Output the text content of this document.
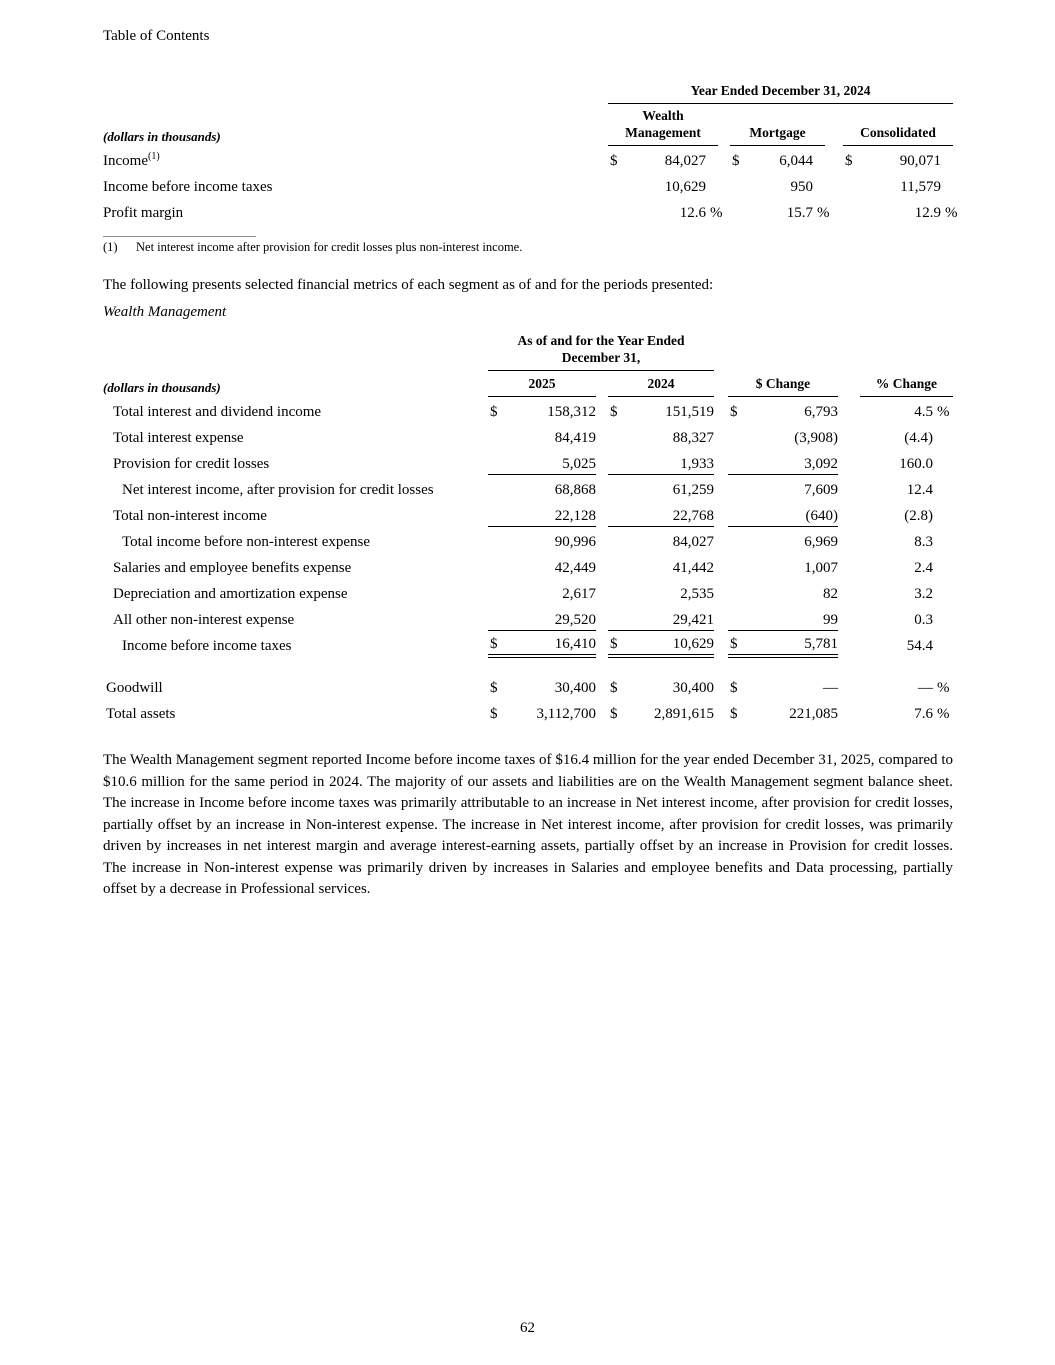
Table of Contents
	Year Ended December 31, 2024										
(dollars in thousands)	Wealth Management				Mortgage				Consolidated		
Income$^{(1)}$	$	84,027			$	6,044			$	90,071	
Income before income taxes		10,629				950				11,579	
Profit margin		12.6	%			15.7	%			12.9	%
(1)	Net interest income after provision for credit losses plus non-interest income.

The following presents selected financial metrics of each segment as of and for the periods presented:

Wealth Management
	As of and for the Year Ended
December 31,										
(dollars in thousands)	2025			2024			$ Change			% Change	
Total interest and dividend income	$	158,312		$	151,519		$	6,793		4.5	%
Total interest expense		84,419			88,327			(3,908)		(4.4)	
Provision for credit losses		5,025			1,933			3,092		160.0	
Net interest income, after provision for credit losses		68,868			61,259			7,609		12.4	
Total non-interest income		22,128			22,768			(640)		(2.8)	
Total income before non-interest expense		90,996			84,027			6,969		8.3	
Salaries and employee benefits expense		42,449			41,442			1,007		2.4	
Depreciation and amortization expense		2,617			2,535			82		3.2	
All other non-interest expense		29,520			29,421			99		0.3	
Income before income taxes	$	16,410		$	10,629		$	5,781		54.4	

Goodwill	$	30,400		$	30,400		$	—		—	%
Total assets	$	3,112,700		$	2,891,615		$	221,085		7.6	%

The Wealth Management segment reported Income before income taxes of $16.4 million for the year ended December 31, 2025, compared to $10.6 million for the same period in 2024. The majority of our assets and liabilities are on the Wealth Management segment balance sheet. The increase in Income before income taxes was primarily attributable to an increase in Net interest income, after provision for credit losses, partially offset by an increase in Non-interest expense. The increase in Net interest income, after provision for credit losses, was primarily driven by increases in net interest margin and average interest-earning assets, partially offset by an increase in Provision for credit losses. The increase in Non-interest expense was primarily driven by increases in Salaries and employee benefits and Data processing, partially offset by a decrease in Professional services.

62
